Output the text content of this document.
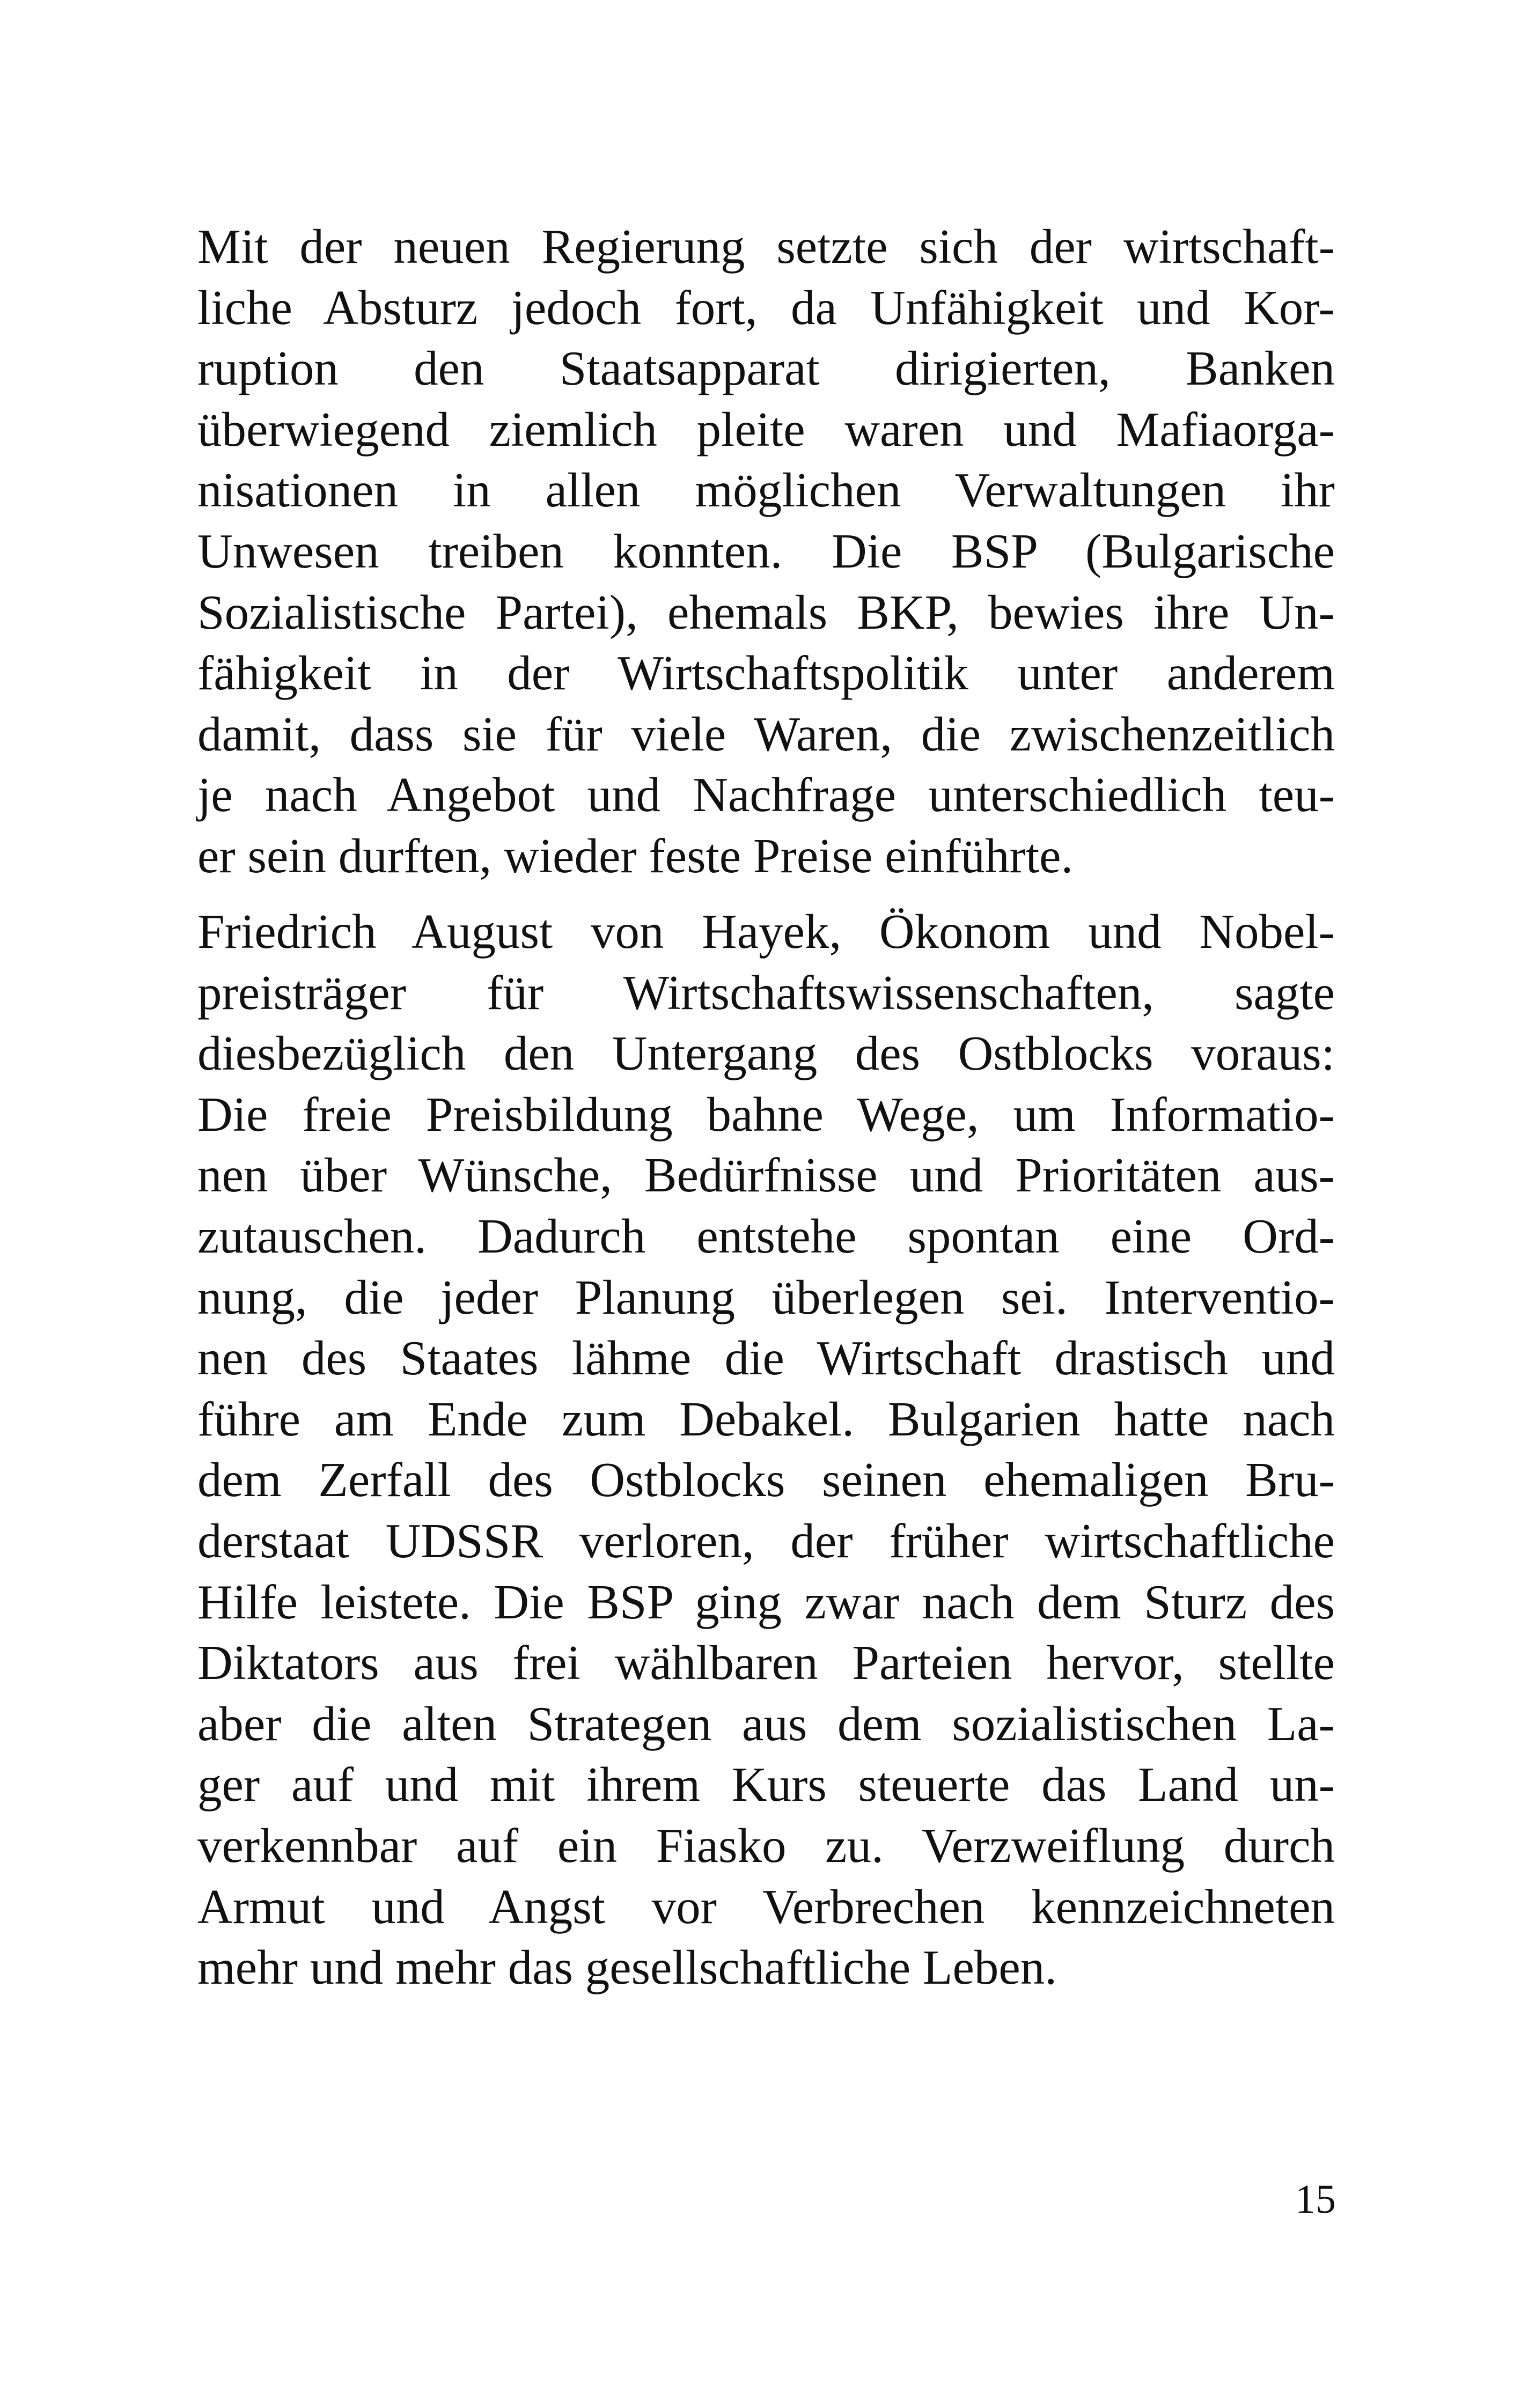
Mit der neuen Regierung setzte sich der wirtschaft-
liche Absturz jedoch fort, da Unfähigkeit und Kor-
ruption den Staatsapparat dirigierten, Banken
überwiegend ziemlich pleite waren und Mafiaorga-
nisationen in allen möglichen Verwaltungen ihr
Unwesen treiben konnten. Die BSP (Bulgarische
Sozialistische Partei), ehemals BKP, bewies ihre Un-
fähigkeit in der Wirtschaftspolitik unter anderem
damit, dass sie für viele Waren, die zwischenzeitlich
je nach Angebot und Nachfrage unterschiedlich teu-
er sein durften, wieder feste Preise einführte.
Friedrich August von Hayek, Ökonom und Nobel-
preisträger für Wirtschaftswissenschaften, sagte
diesbezüglich den Untergang des Ostblocks voraus:
Die freie Preisbildung bahne Wege, um Informatio-
nen über Wünsche, Bedürfnisse und Prioritäten aus-
zutauschen. Dadurch entstehe spontan eine Ord-
nung, die jeder Planung überlegen sei. Interventio-
nen des Staates lähme die Wirtschaft drastisch und
führe am Ende zum Debakel. Bulgarien hatte nach
dem Zerfall des Ostblocks seinen ehemaligen Bru-
derstaat UDSSR verloren, der früher wirtschaftliche
Hilfe leistete. Die BSP ging zwar nach dem Sturz des
Diktators aus frei wählbaren Parteien hervor, stellte
aber die alten Strategen aus dem sozialistischen La-
ger auf und mit ihrem Kurs steuerte das Land un-
verkennbar auf ein Fiasko zu. Verzweiflung durch
Armut und Angst vor Verbrechen kennzeichneten
mehr und mehr das gesellschaftliche Leben.
15
